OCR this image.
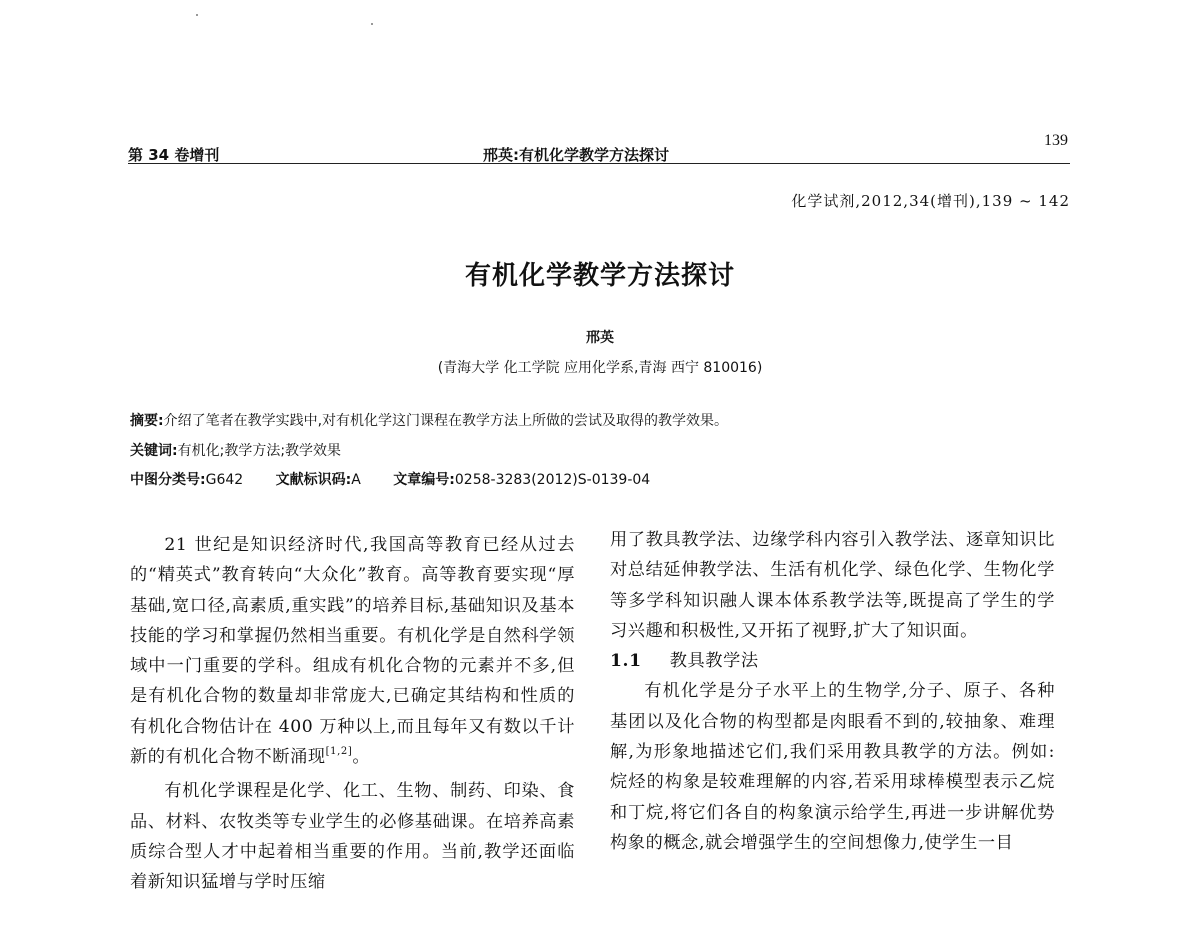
第 34 卷增刊	邢英:有机化学教学方法探讨
139
化学试剂,2012,34(增刊),139 ~ 142
有机化学教学方法探讨
邢英
(青海大学 化工学院 应用化学系,青海 西宁 810016)
摘要:介绍了笔者在教学实践中,对有机化学这门课程在教学方法上所做的尝试及取得的教学效果。
关键词:有机化;教学方法;教学效果
中图分类号:G642 文献标识码:A 文章编号:0258-3283(2012)S-0139-04

21 世纪是知识经济时代,我国高等教育已经从过去的“精英式”教育转向“大众化”教育。高等教育要实现“厚基础,宽口径,高素质,重实践”的培养目标,基础知识及基本技能的学习和掌握仍然相当重要。有机化学是自然科学领域中一门重要的学科。组成有机化合物的元素并不多,但是有机化合物的数量却非常庞大,已确定其结构和性质的有机化合物估计在 400 万种以上,而且每年又有数以千计新的有机化合物不断涌现[1,2]。

有机化学课程是化学、化工、生物、制药、印染、食品、材料、农牧类等专业学生的必修基础课。在培养高素质综合型人才中起着相当重要的作用。当前,教学还面临着新知识猛增与学时压缩

用了教具教学法、边缘学科内容引入教学法、逐章知识比对总结延伸教学法、生活有机化学、绿色化学、生物化学等多学科知识融人课本体系教学法等,既提高了学生的学习兴趣和积极性,又开拓了视野,扩大了知识面。

1.1 教具教学法

有机化学是分子水平上的生物学,分子、原子、各种基团以及化合物的构型都是肉眼看不到的,较抽象、难理解,为形象地描述它们,我们采用教具教学的方法。例如:烷烃的构象是较难理解的内容,若采用球棒模型表示乙烷和丁烷,将它们各自的构象演示给学生,再进一步讲解优势构象的概念,就会增强学生的空间想像力,使学生一目
